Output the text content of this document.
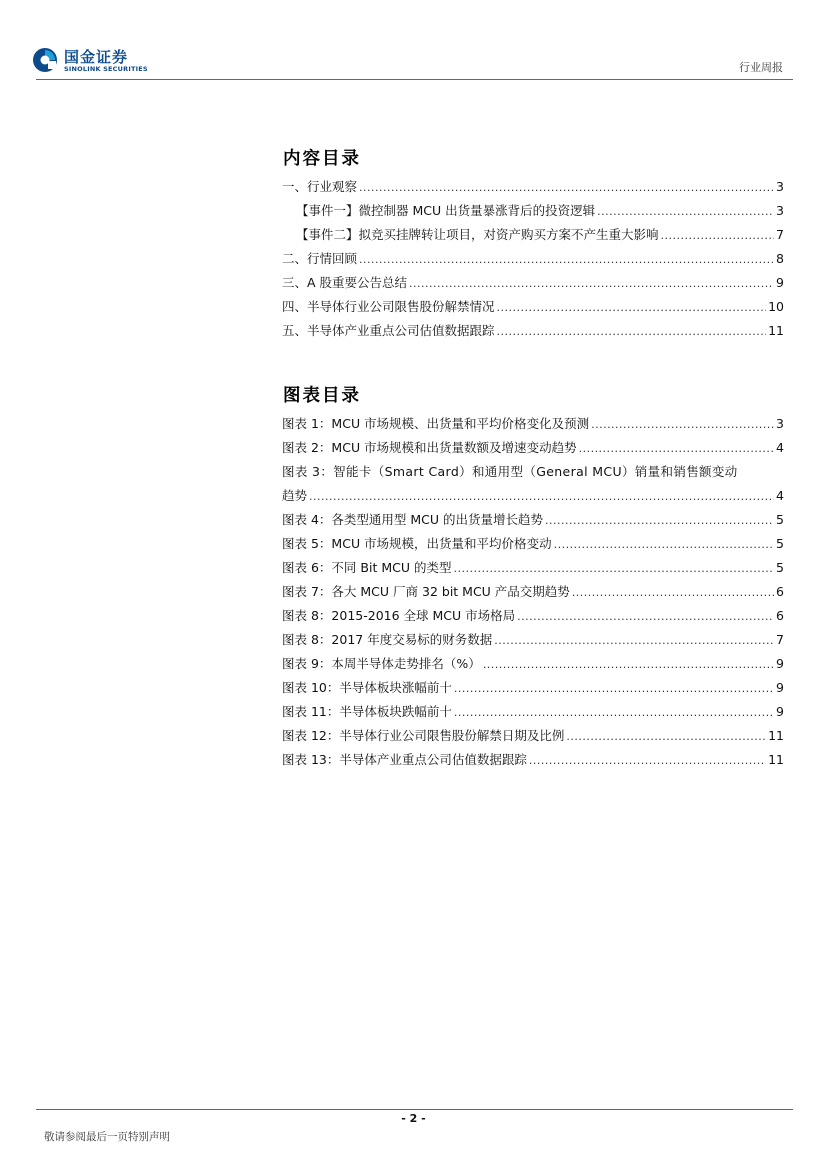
国金证券
SINOLINK SECURITIES	行业周报
内容目录
一、行业观察 .....	3
【事件一】微控制器 MCU 出货量暴涨背后的投资逻辑 .....	3
【事件二】拟竞买挂牌转让项目，对资产购买方案不产生重大影响 .....	7
二、行情回顾 .....	8
三、A 股重要公告总结 .....	9
四、半导体行业公司限售股份解禁情况 .....	10
五、半导体产业重点公司估值数据跟踪 .....	11
图表目录
图表 1：MCU 市场规模、出货量和平均价格变化及预测 .....	3
图表 2：MCU 市场规模和出货量数额及增速变动趋势 .....	4
图表 3：智能卡（Smart Card）和通用型（General MCU）销量和销售额变动
趋势 .....	4
图表 4：各类型通用型 MCU 的出货量增长趋势 .....	5
图表 5：MCU 市场规模，出货量和平均价格变动 .....	5
图表 6：不同 Bit MCU 的类型 .....	5
图表 7：各大 MCU 厂商 32 bit MCU 产品交期趋势 .....	6
图表 8：2015-2016 全球 MCU 市场格局 .....	6
图表 8：2017 年度交易标的财务数据 .....	7
图表 9：本周半导体走势排名（%） .....	9
图表 10：半导体板块涨幅前十 .....	9
图表 11：半导体板块跌幅前十 .....	9
图表 12：半导体行业公司限售股份解禁日期及比例 .....	11
图表 13：半导体产业重点公司估值数据跟踪 .....	11
- 2 -
敬请参阅最后一页特别声明
